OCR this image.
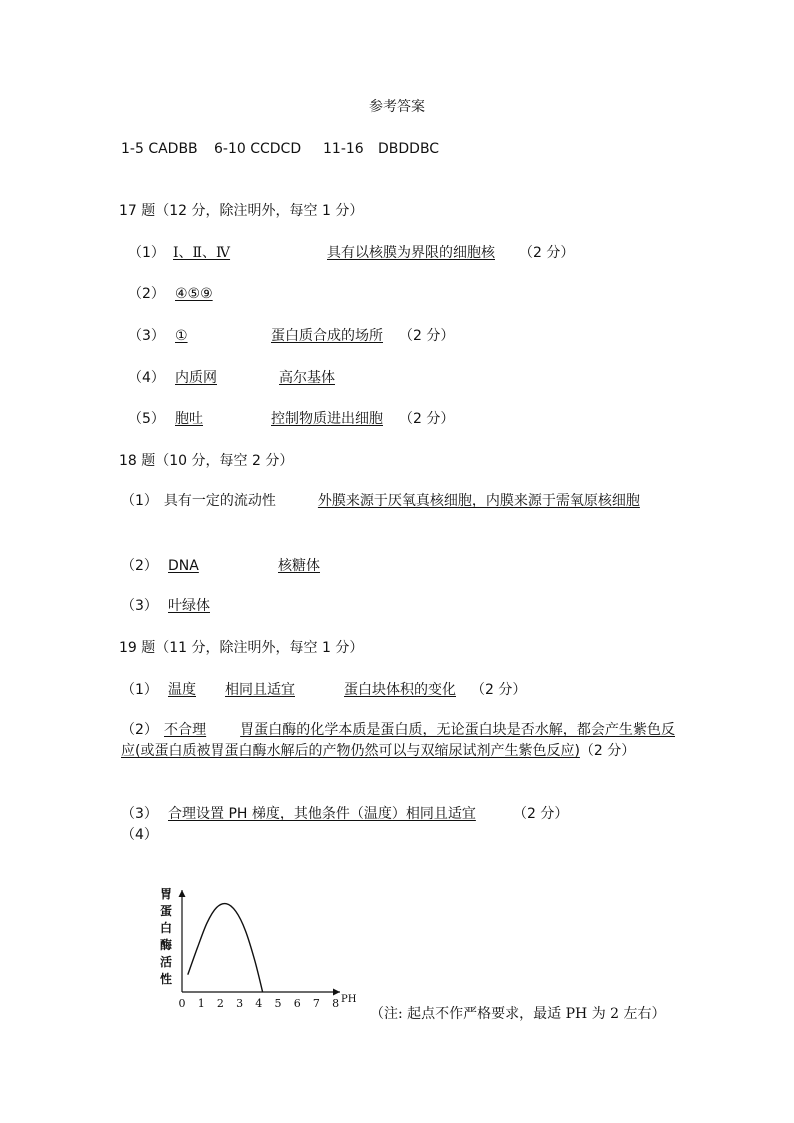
参考答案
1-5 CADBB 6-10 CCDCD 11-16 DBDDBC
17 题（12 分，除注明外，每空 1 分）
（1） Ⅰ、Ⅱ、Ⅳ	具有以核膜为界限的细胞核 （2 分）
（2） ④⑤⑨
（3） ①	蛋白质合成的场所 （2 分）
（4） 内质网	高尔基体
（5） 胞吐	控制物质进出细胞 （2 分）
18 题（10 分，每空 2 分）
（1） 具有一定的流动性	外膜来源于厌氧真核细胞，内膜来源于需氧原核细胞
（2） DNA	核糖体
（3） 叶绿体
19 题（11 分，除注明外，每空 1 分）
（1） 温度 相同且适宜	蛋白块体积的变化 （2 分）
（2） 不合理 胃蛋白酶的化学本质是蛋白质，无论蛋白块是否水解，都会产生紫色反应(或蛋白质被胃蛋白酶水解后的产物仍然可以与双缩尿试剂产生紫色反应)（2 分）
（3） 合理设置 PH 梯度，其他条件（温度）相同且适宜	（2 分）
（4）
胃
蛋
白
酶
活
性
0 1 2 3 4 5 6 7 8 PH
（注: 起点不作严格要求，最适 PH 为 2 左右）
